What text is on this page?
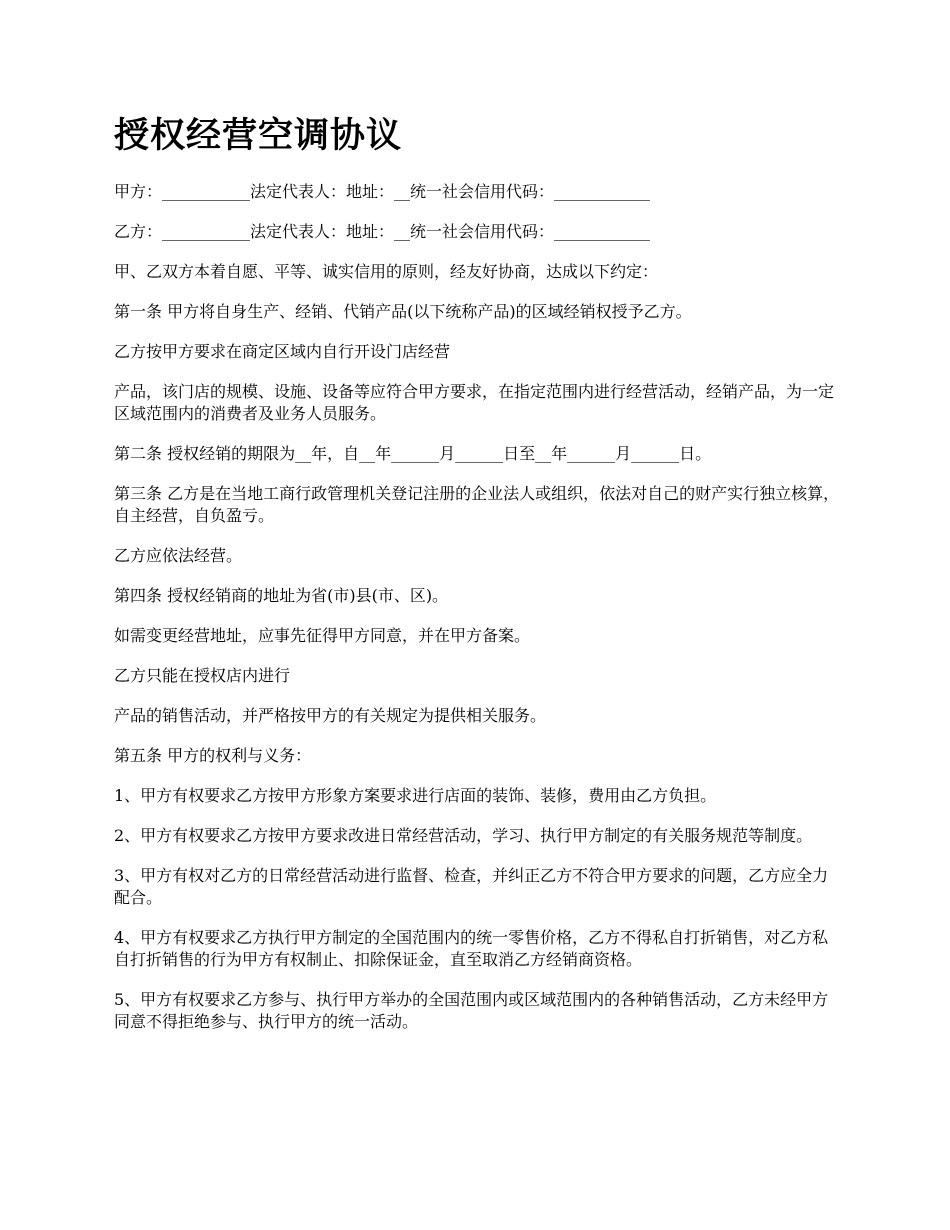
授权经营空调协议

甲方：___________法定代表人：地址：__统一社会信用代码：____________

乙方：___________法定代表人：地址：__统一社会信用代码：____________

甲、乙双方本着自愿、平等、诚实信用的原则，经友好协商，达成以下约定：

第一条 甲方将自身生产、经销、代销产品(以下统称产品)的区域经销权授予乙方。

乙方按甲方要求在商定区域内自行开设门店经营

产品，该门店的规模、设施、设备等应符合甲方要求，在指定范围内进行经营活动，经销产品，为一定区域范围内的消费者及业务人员服务。

第二条 授权经销的期限为__年，自__年______月______日至__年______月______日。

第三条 乙方是在当地工商行政管理机关登记注册的企业法人或组织，依法对自己的财产实行独立核算，自主经营，自负盈亏。

乙方应依法经营。

第四条 授权经销商的地址为省(市)县(市、区)。

如需变更经营地址，应事先征得甲方同意，并在甲方备案。

乙方只能在授权店内进行

产品的销售活动，并严格按甲方的有关规定为提供相关服务。

第五条 甲方的权利与义务：

1、甲方有权要求乙方按甲方形象方案要求进行店面的装饰、装修，费用由乙方负担。

2、甲方有权要求乙方按甲方要求改进日常经营活动，学习、执行甲方制定的有关服务规范等制度。

3、甲方有权对乙方的日常经营活动进行监督、检查，并纠正乙方不符合甲方要求的问题，乙方应全力配合。

4、甲方有权要求乙方执行甲方制定的全国范围内的统一零售价格，乙方不得私自打折销售，对乙方私自打折销售的行为甲方有权制止、扣除保证金，直至取消乙方经销商资格。

5、甲方有权要求乙方参与、执行甲方举办的全国范围内或区域范围内的各种销售活动，乙方未经甲方同意不得拒绝参与、执行甲方的统一活动。
